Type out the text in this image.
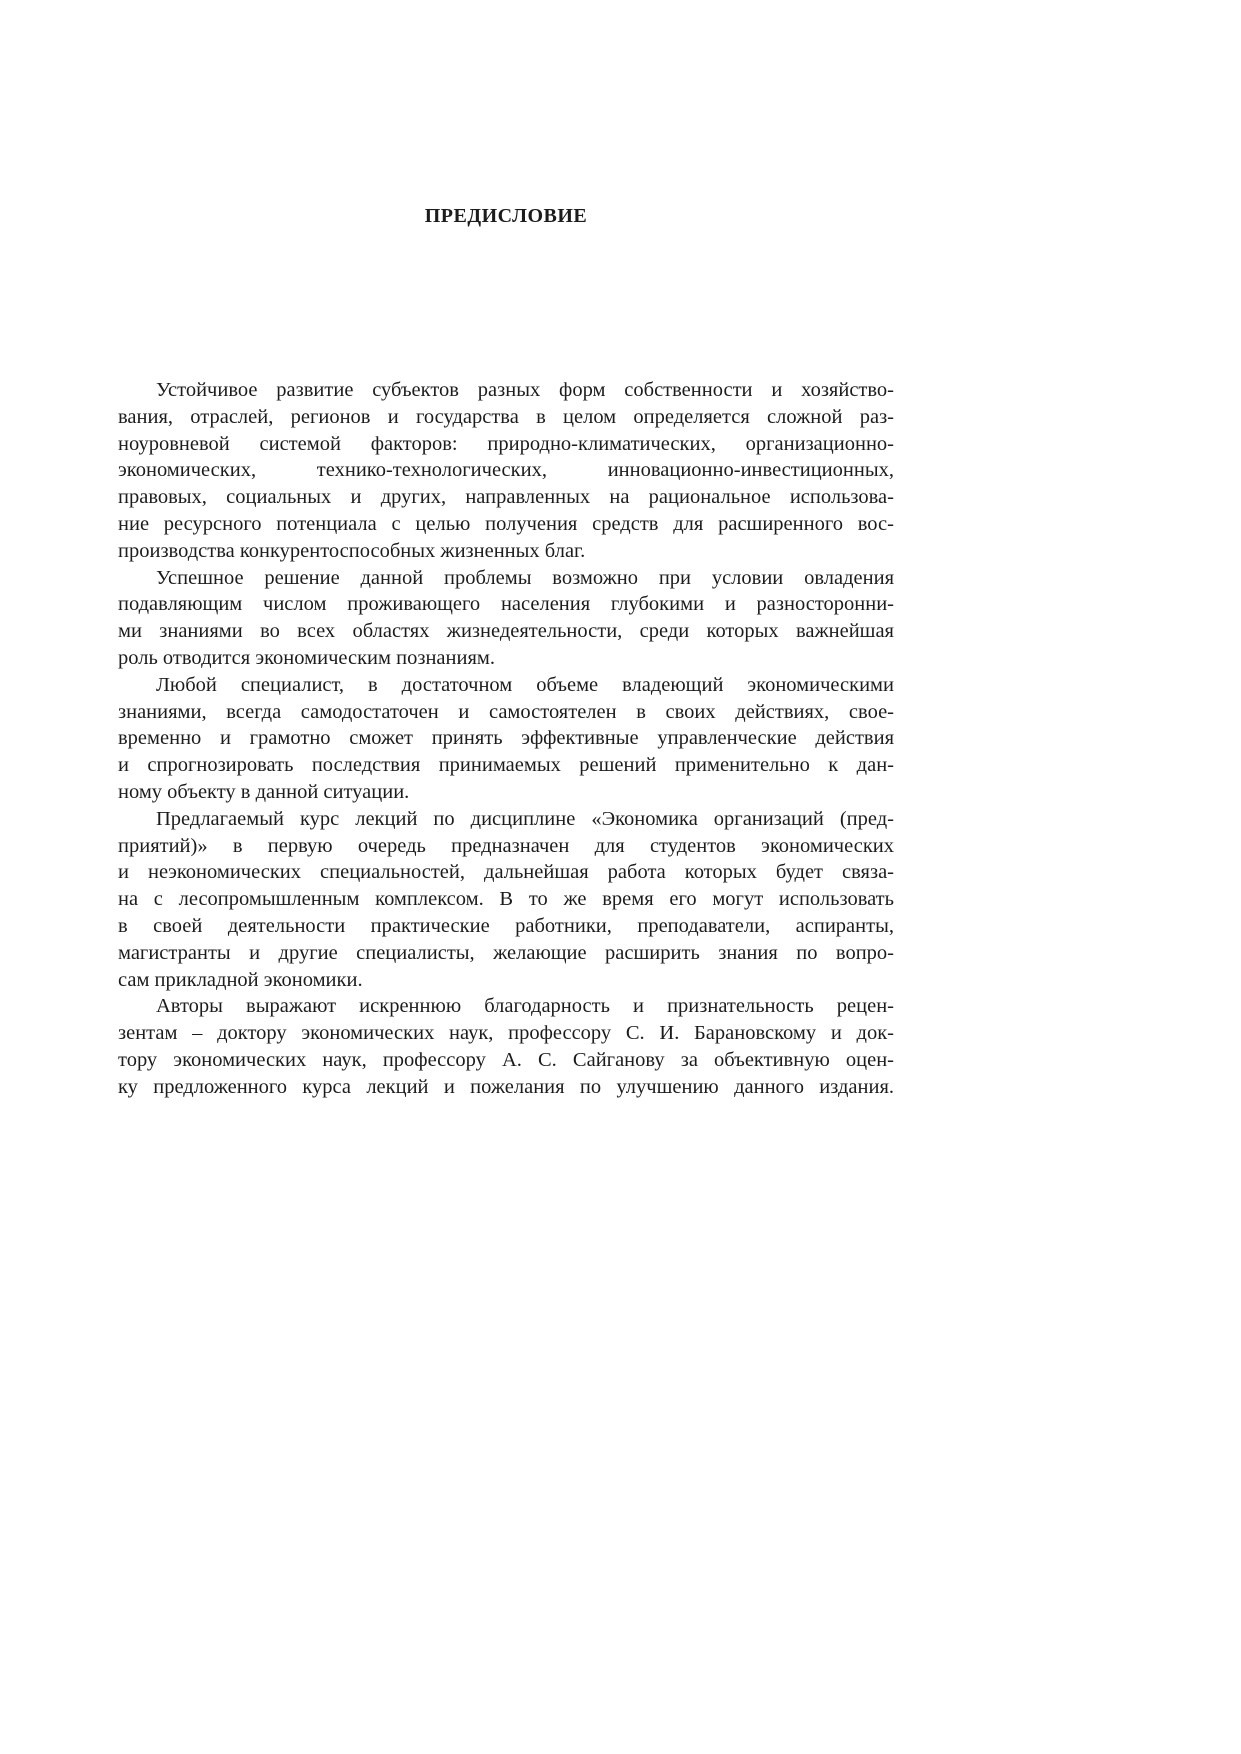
ПРЕДИСЛОВИЕ

Устойчивое развитие субъектов разных форм собственности и хозяйство-
вания, отраслей, регионов и государства в целом определяется сложной раз-
ноуровневой системой факторов: природно-климатических, организационно-
экономических, технико-технологических, инновационно-инвестиционных,
правовых, социальных и других, направленных на рациональное использова-
ние ресурсного потенциала с целью получения средств для расширенного вос-
производства конкурентоспособных жизненных благ.

Успешное решение данной проблемы возможно при условии овладения
подавляющим числом проживающего населения глубокими и разносторонни-
ми знаниями во всех областях жизнедеятельности, среди которых важнейшая
роль отводится экономическим познаниям.

Любой специалист, в достаточном объеме владеющий экономическими
знаниями, всегда самодостаточен и самостоятелен в своих действиях, свое-
временно и грамотно сможет принять эффективные управленческие действия
и спрогнозировать последствия принимаемых решений применительно к дан-
ному объекту в данной ситуации.

Предлагаемый курс лекций по дисциплине «Экономика организаций (пред-
приятий)» в первую очередь предназначен для студентов экономических
и неэкономических специальностей, дальнейшая работа которых будет связа-
на с лесопромышленным комплексом. В то же время его могут использовать
в своей деятельности практические работники, преподаватели, аспиранты,
магистранты и другие специалисты, желающие расширить знания по вопро-
сам прикладной экономики.

Авторы выражают искреннюю благодарность и признательность рецен-
зентам – доктору экономических наук, профессору С. И. Барановскому и док-
тору экономических наук, профессору А. С. Сайганову за объективную оцен-
ку предложенного курса лекций и пожелания по улучшению данного издания.
